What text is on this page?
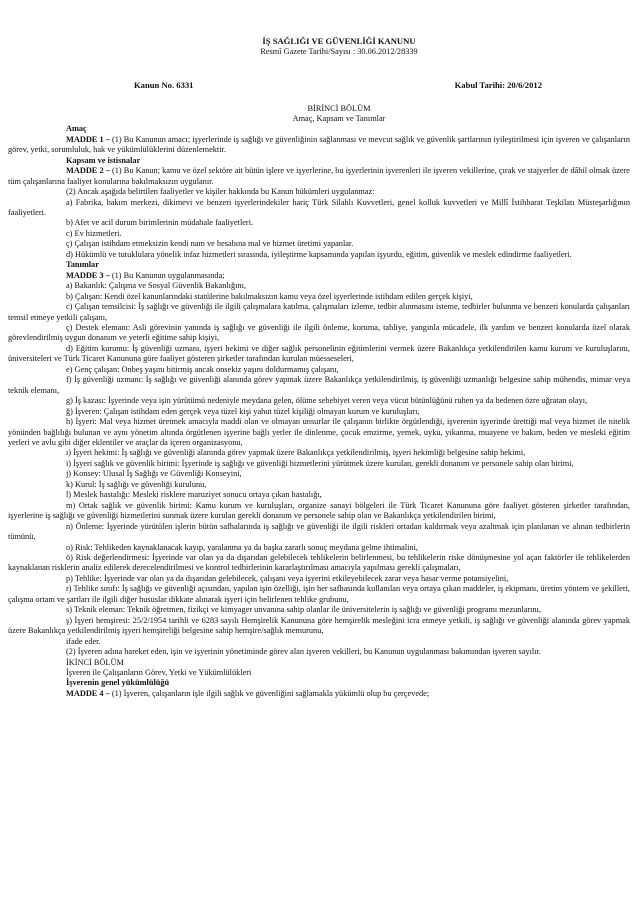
İŞ SAĞLIĞI VE GÜVENLİĞİ KANUNU
Resmî Gazete Tarihi/Sayısı : 30.06.2012/28339
Kanun No. 6331	Kabul Tarihi: 20/6/2012
BİRİNCİ BÖLÜM
Amaç, Kapsam ve Tanımlar
Amaç

MADDE 1 – (1) Bu Kanunun amacı; işyerlerinde iş sağlığı ve güvenliğinin sağlanması ve mevcut sağlık ve güvenlik şartlarının iyileştirilmesi için işveren ve çalışanların görev, yetki, sorumluluk, hak ve yükümlülüklerini düzenlemektir.

Kapsam ve istisnalar

MADDE 2 – (1) Bu Kanun; kamu ve özel sektöre ait bütün işlere ve işyerlerine, bu işyerlerinin işverenleri ile işveren vekillerine, çırak ve stajyerler de dâhil olmak üzere tüm çalışanlarına faaliyet konularına bakılmaksızın uygulanır.

(2) Ancak aşağıda belirtilen faaliyetler ve kişiler hakkında bu Kanun hükümleri uygulanmaz:

a) Fabrika, bakım merkezi, dikimevi ve benzeri işyerlerindekiler hariç Türk Silahlı Kuvvetleri, genel kolluk kuvvetleri ve Millî İstihbarat Teşkilatı Müsteşarlığının faaliyetleri.

b) Afet ve acil durum birimlerinin müdahale faaliyetleri.

c) Ev hizmetleri.

ç) Çalışan istihdam etmeksizin kendi nam ve hesabına mal ve hizmet üretimi yapanlar.

d) Hükümlü ve tutuklulara yönelik infaz hizmetleri sırasında, iyileştirme kapsamında yapılan işyurdu, eğitim, güvenlik ve meslek edindirme faaliyetleri.

Tanımlar

MADDE 3 – (1) Bu Kanunun uygulanmasında;

a) Bakanlık: Çalışma ve Sosyal Güvenlik Bakanlığını,

b) Çalışan: Kendi özel kanunlarındaki statülerine bakılmaksızın kamu veya özel işyerlerinde istihdam edilen gerçek kişiyi,

c) Çalışan temsilcisi: İş sağlığı ve güvenliği ile ilgili çalışmalara katılma, çalışmaları izleme, tedbir alınmasını isteme, tedbirler bulunma ve benzeri konularda çalışanları temsil etmeye yetkili çalışanı,

ç) Destek elemanı: Asli görevinin yanında iş sağlığı ve güvenliği ile ilgili önleme, koruma, tahliye, yangınla mücadele, ilk yardım ve benzeri konularda özel olarak görevlendirilmiş uygun donanım ve yeterli eğitime sahip kişiyi,

d) Eğitim kurumu: İş güvenliği uzmanı, işyeri hekimi ve diğer sağlık personelinin eğitimlerini vermek üzere Bakanlıkça yetkilendirilen kamu kurum ve kuruluşlarını, üniversiteleri ve Türk Ticaret Kanununa göre faaliyet gösteren şirketler tarafından kurulan müesseseleri,

e) Genç çalışan: Onbeş yaşını bitirmiş ancak onsekiz yaşını doldurmamış çalışanı,

f) İş güvenliği uzmanı: İş sağlığı ve güvenliği alanında görev yapmak üzere Bakanlıkça yetkilendirilmiş, iş güvenliği uzmanlığı belgesine sahip mühendis, mimar veya teknik elemanı,

g) İş kazası: İşyerinde veya işin yürütümü nedeniyle meydana gelen, ölüme sebebiyet veren veya vücut bütünlüğünü ruhen ya da bedenen özre uğratan olayı,

ğ) İşveren: Çalışan istihdam eden gerçek veya tüzel kişi yahut tüzel kişiliği olmayan kurum ve kuruluşları,

h) İşyeri: Mal veya hizmet üretmek amacıyla maddi olan ve olmayan unsurlar ile çalışanın birlikte örgütlendiği, işverenin işyerinde ürettiği mal veya hizmet ile nitelik yönünden bağlılığı bulunan ve aynı yönetim altında örgütlenen işyerine bağlı yerler ile dinlenme, çocuk emzirme, yemek, uyku, yıkanma, muayene ve bakım, beden ve mesleki eğitim yerleri ve avlu gibi diğer eklentiler ve araçlar da içeren organizasyonu,

ı) İşyeri hekimi: İş sağlığı ve güvenliği alanında görev yapmak üzere Bakanlıkça yetkilendirilmiş, işyeri hekimliği belgesine sahip hekimi,

i) İşyeri sağlık ve güvenlik birimi: İşyerinde iş sağlığı ve güvenliği hizmetlerini yürütmek üzere kurulan, gerekli donanım ve personele sahip olan birimi,

j) Konsey: Ulusal İş Sağlığı ve Güvenliği Konseyini,

k) Kurul: İş sağlığı ve güvenliği kurulunu,

l) Meslek hastalığı: Mesleki risklere maruziyet sonucu ortaya çıkan hastalığı,

m) Ortak sağlık ve güvenlik birimi: Kamu kurum ve kuruluşları, organize sanayi bölgeleri ile Türk Ticaret Kanununa göre faaliyet gösteren şirketler tarafından, işyerlerine iş sağlığı ve güvenliği hizmetlerini sunmak üzere kurulan gerekli donanım ve personele sahip olan ve Bakanlıkça yetkilendirilen birimi,

n) Önleme: İşyerinde yürütülen işlerin bütün safhalarında iş sağlığı ve güvenliği ile ilgili riskleri ortadan kaldırmak veya azaltmak için planlanan ve alınan tedbirlerin tümünü,

o) Risk: Tehlikeden kaynaklanacak kayıp, yaralanma ya da başka zararlı sonuç meydana gelme ihtimalini,

ö) Risk değerlendirmesi: İşyerinde var olan ya da dışarıdan gelebilecek tehlikelerin belirlenmesi, bu tehlikelerin riske dönüşmesine yol açan faktörler ile tehlikelerden kaynaklanan risklerin analiz edilerek derecelendirilmesi ve kontrol tedbirlerinin kararlaştırılması amacıyla yapılması gerekli çalışmaları,

p) Tehlike: İşyerinde var olan ya da dışarıdan gelebilecek, çalışanı veya işyerini etkileyebilecek zarar veya hasar verme potansiyelini,

r) Tehlike sınıfı: İş sağlığı ve güvenliği açısından, yapılan işin özelliği, işin her safhasında kullanılan veya ortaya çıkan maddeler, iş ekipmanı, üretim yöntem ve şekilleri, çalışma ortam ve şartları ile ilgili diğer hususlar dikkate alınarak işyeri için belirlenen tehlike grubunu,

s) Teknik eleman: Teknik öğretmen, fizikçi ve kimyager unvanına sahip olanlar ile üniversitelerin iş sağlığı ve güvenliği programı mezunlarını,

ş) İşyeri hemşiresi: 25/2/1954 tarihli ve 6283 sayılı Hemşirelik Kanununa göre hemşirelik mesleğini icra etmeye yetkili, iş sağlığı ve güvenliği alanında görev yapmak üzere Bakanlıkça yetkilendirilmiş işyeri hemşireliği belgesine sahip hemşire/sağlık memurunu,

ifade eder.

(2) İşveren adına hareket eden, işin ve işyerinin yönetiminde görev alan işveren vekilleri, bu Kanunun uygulanması bakımından işveren sayılır.

İKİNCİ BÖLÜM
İşveren ile Çalışanların Görev, Yetki ve Yükümlülükleri
İşverenin genel yükümlülüğü

MADDE 4 – (1) İşveren, çalışanların işle ilgili sağlık ve güvenliğini sağlamakla yükümlü olup bu çerçevede;
